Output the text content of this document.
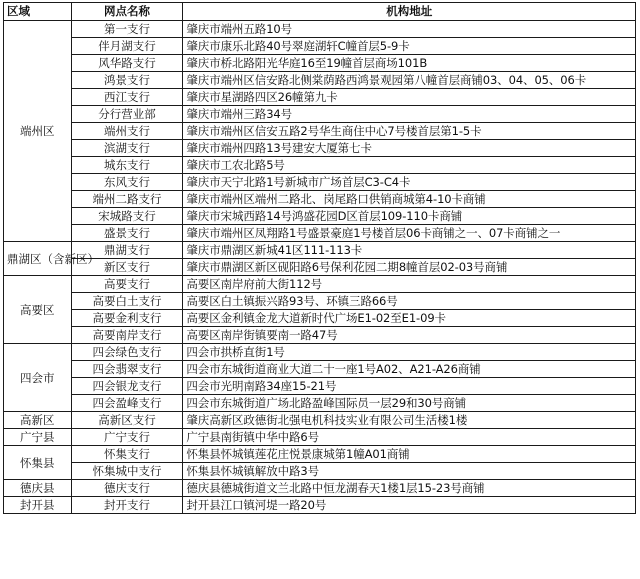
区域	网点名称	机构地址
端州区	第一支行	肇庆市端州五路10号
	伴月湖支行	肇庆市康乐北路40号翠庭湖轩C幢首层5-9卡
	风华路支行	肇庆市桥北路阳光华庭16至19幢首层商场101B
	鸿景支行	肇庆市端州区信安路北侧棠荫路西鸿景观园第八幢首层商铺03、04、05、06卡
	西江支行	肇庆市星湖路四区26幢第九卡
	分行营业部	肇庆市端州三路34号
	端州支行	肇庆市端州区信安五路2号华生商住中心7号楼首层第1-5卡
	滨湖支行	肇庆市端州四路13号建安大厦第七卡
	城东支行	肇庆市工农北路5号
	东风支行	肇庆市天宁北路1号新城市广场首层C3-C4卡
	端州二路支行	肇庆市端州区端州二路北、岗尾路口供销商城第4-10卡商铺
	宋城路支行	肇庆市宋城西路14号鸿盛花园D区首层109-110卡商铺
	盛景支行	肇庆市端州区凤翔路1号盛景豪庭1号楼首层06卡商铺之一、07卡商铺之一
鼎湖区（含新区）	鼎湖支行	肇庆市鼎湖区新城41区111-113卡
	新区支行	肇庆市鼎湖区新区砚阳路6号保利花园二期8幢首层02-03号商铺
高要区	高要支行	高要区南岸府前大街112号
	高要白土支行	高要区白土镇振兴路93号、环镇三路66号
	高要金利支行	高要区金利镇金龙大道新时代广场E1-02至E1-09卡
	高要南岸支行	高要区南岸街镇要南一路47号
四会市	四会绿色支行	四会市拱桥直街1号
	四会翡翠支行	四会市东城街道商业大道二十一座1号A02、A21-A26商铺
	四会银龙支行	四会市光明南路34座15-21号
	四会盈峰支行	四会市东城街道广场北路盈峰国际员一层29和30号商铺
高新区	高新区支行	肇庆高新区政德街北强电机科技实业有限公司生活楼1楼
广宁县	广宁支行	广宁县南街镇中华中路6号
怀集县	怀集支行	怀集县怀城镇莲花庄悦景康城第1幢A01商铺
	怀集城中支行	怀集县怀城镇解放中路3号
德庆县	德庆支行	德庆县德城街道文兰北路中恒龙湖春天1楼1层15-23号商铺
封开县	封开支行	封开县江口镇河堤一路20号
